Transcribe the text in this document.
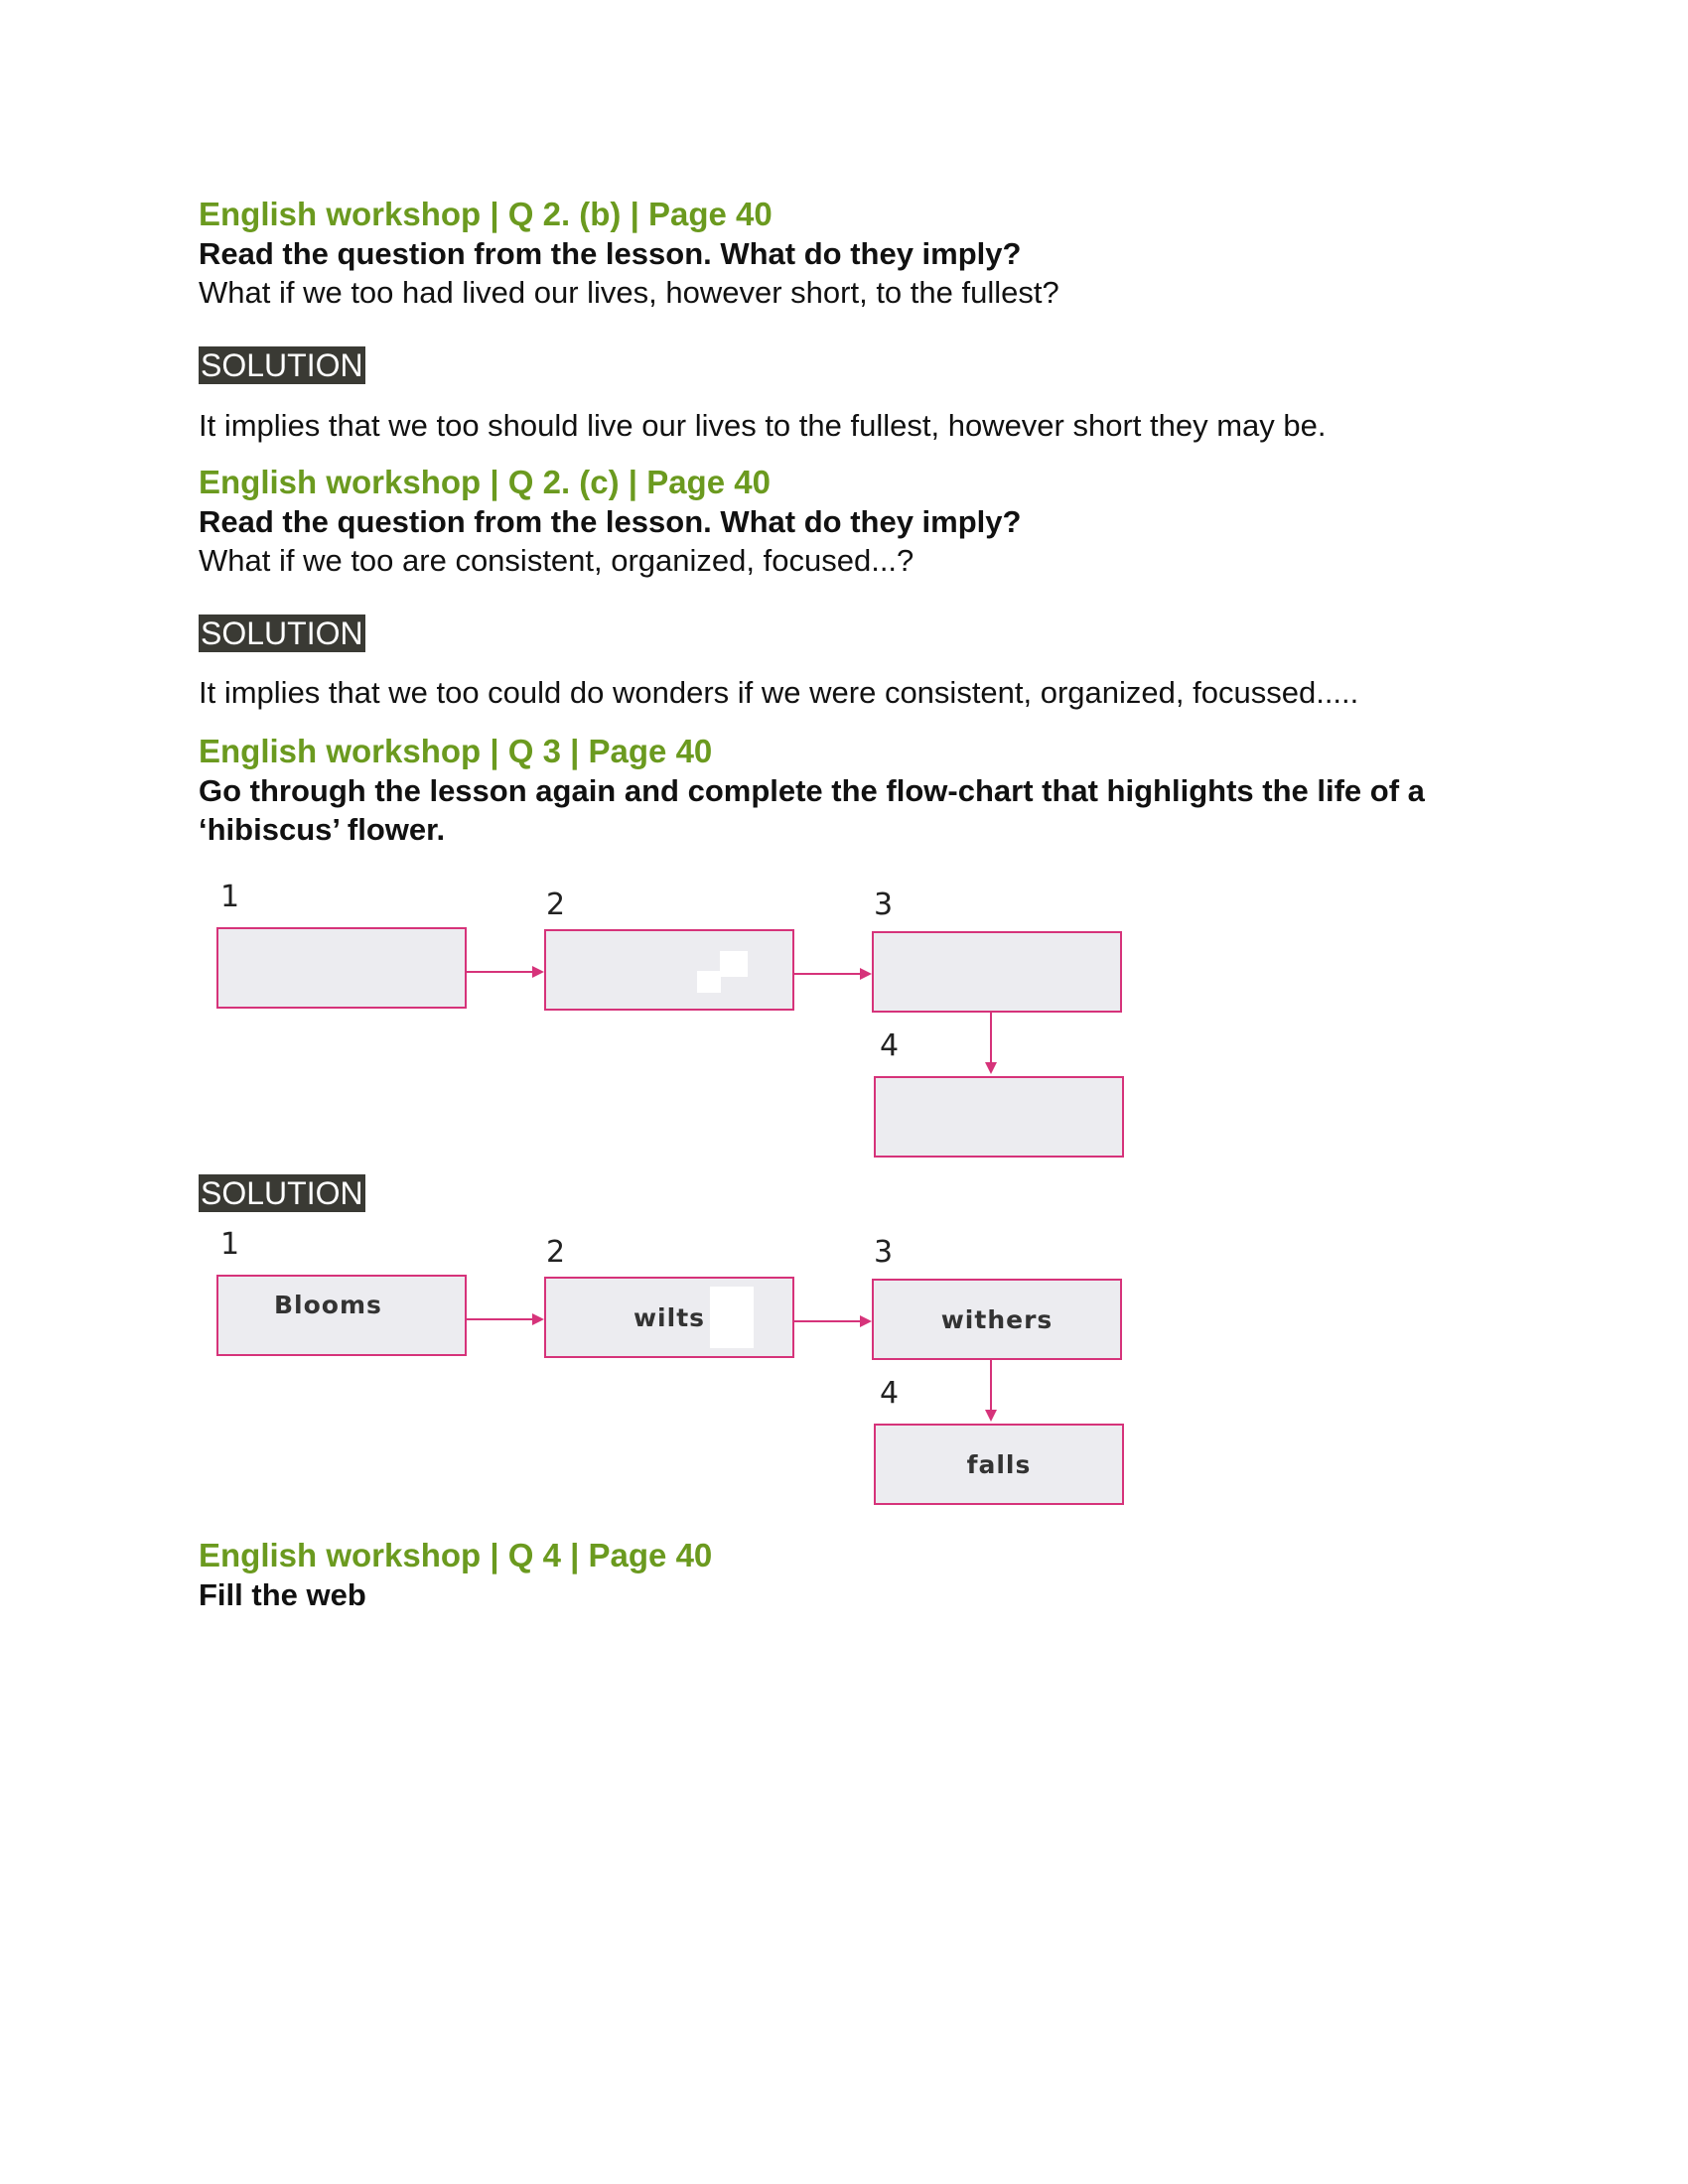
English workshop | Q 2. (b) | Page 40

Read the question from the lesson. What do they imply?

What if we too had lived our lives, however short, to the fullest?

SOLUTION

It implies that we too should live our lives to the fullest, however short they may be.

English workshop | Q 2. (c) | Page 40

Read the question from the lesson. What do they imply?

What if we too are consistent, organized, focused...?

SOLUTION

It implies that we too could do wonders if we were consistent, organized, focussed.....

English workshop | Q 3 | Page 40

Go through the lesson again and complete the flow-chart that highlights the life of a ‘hibiscus’ flower.

1	2	3
4
SOLUTION
1	2	3
4
Blooms	wilts	withers
falls

English workshop | Q 4 | Page 40

Fill the web
